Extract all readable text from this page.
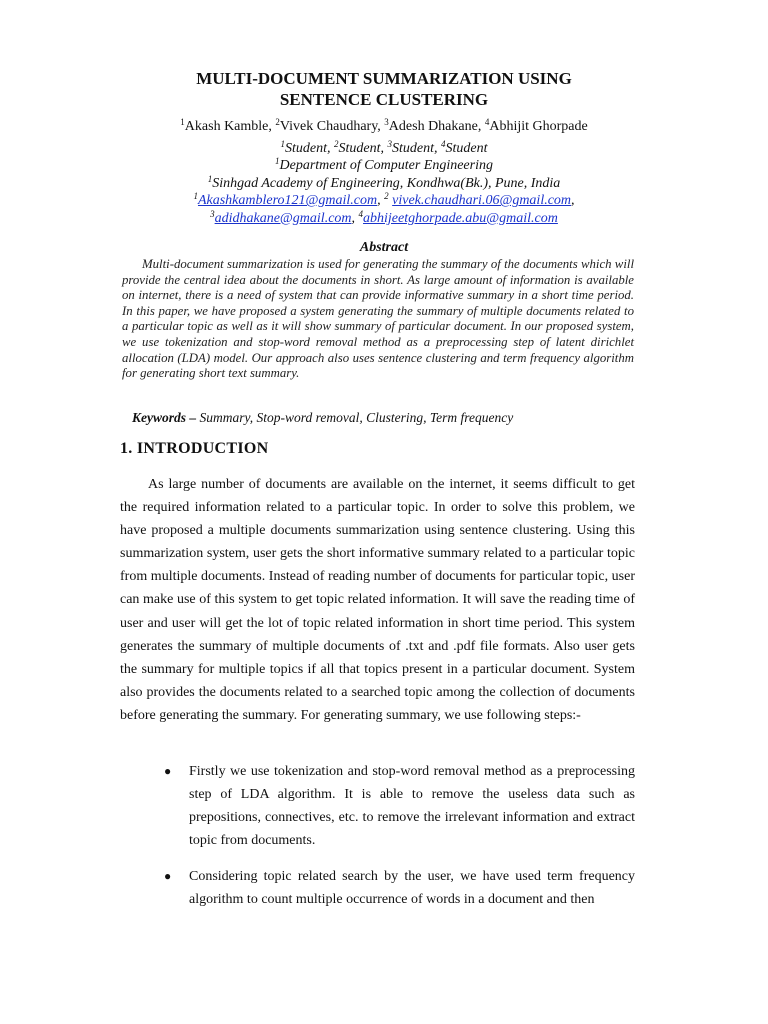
MULTI-DOCUMENT SUMMARIZATION USING
SENTENCE CLUSTERING
$^1$Akash Kamble, $^2$Vivek Chaudhary, $^3$Adesh Dhakane, $^4$Abhijit Ghorpade
$^1$Student, $^2$Student, $^3$Student, $^4$Student
$^1$Department of Computer Engineering
$^1$Sinhgad Academy of Engineering, Kondhwa(Bk.), Pune, India
$^1$Akashkamblero121@gmail.com, $^2$ vivek.chaudhari.06@gmail.com,
$^3$adidhakane@gmail.com, $^4$abhijeetghorpade.abu@gmail.com
Abstract
Multi-document summarization is used for generating the summary of the documents which will provide the central idea about the documents in short. As large amount of information is available on internet, there is a need of system that can provide informative summary in a short time period. In this paper, we have proposed a system generating the summary of multiple documents related to a particular topic as well as it will show summary of particular document. In our proposed system, we use tokenization and stop-word removal method as a preprocessing step of latent dirichlet allocation (LDA) model. Our approach also uses sentence clustering and term frequency algorithm for generating short text summary.
Keywords – Summary, Stop-word removal, Clustering, Term frequency
1. INTRODUCTION
As large number of documents are available on the internet, it seems difficult to get the required information related to a particular topic. In order to solve this problem, we have proposed a multiple documents summarization using sentence clustering. Using this summarization system, user gets the short informative summary related to a particular topic from multiple documents. Instead of reading number of documents for particular topic, user can make use of this system to get topic related information. It will save the reading time of user and user will get the lot of topic related information in short time period. This system generates the summary of multiple documents of .txt and .pdf file formats. Also user gets the summary for multiple topics if all that topics present in a particular document. System also provides the documents related to a searched topic among the collection of documents before generating the summary. For generating summary, we use following steps:-
● Firstly we use tokenization and stop-word removal method as a preprocessing step of LDA algorithm. It is able to remove the useless data such as prepositions, connectives, etc. to remove the irrelevant information and extract topic from documents.
● Considering topic related search by the user, we have used term frequency algorithm to count multiple occurrence of words in a document and then
